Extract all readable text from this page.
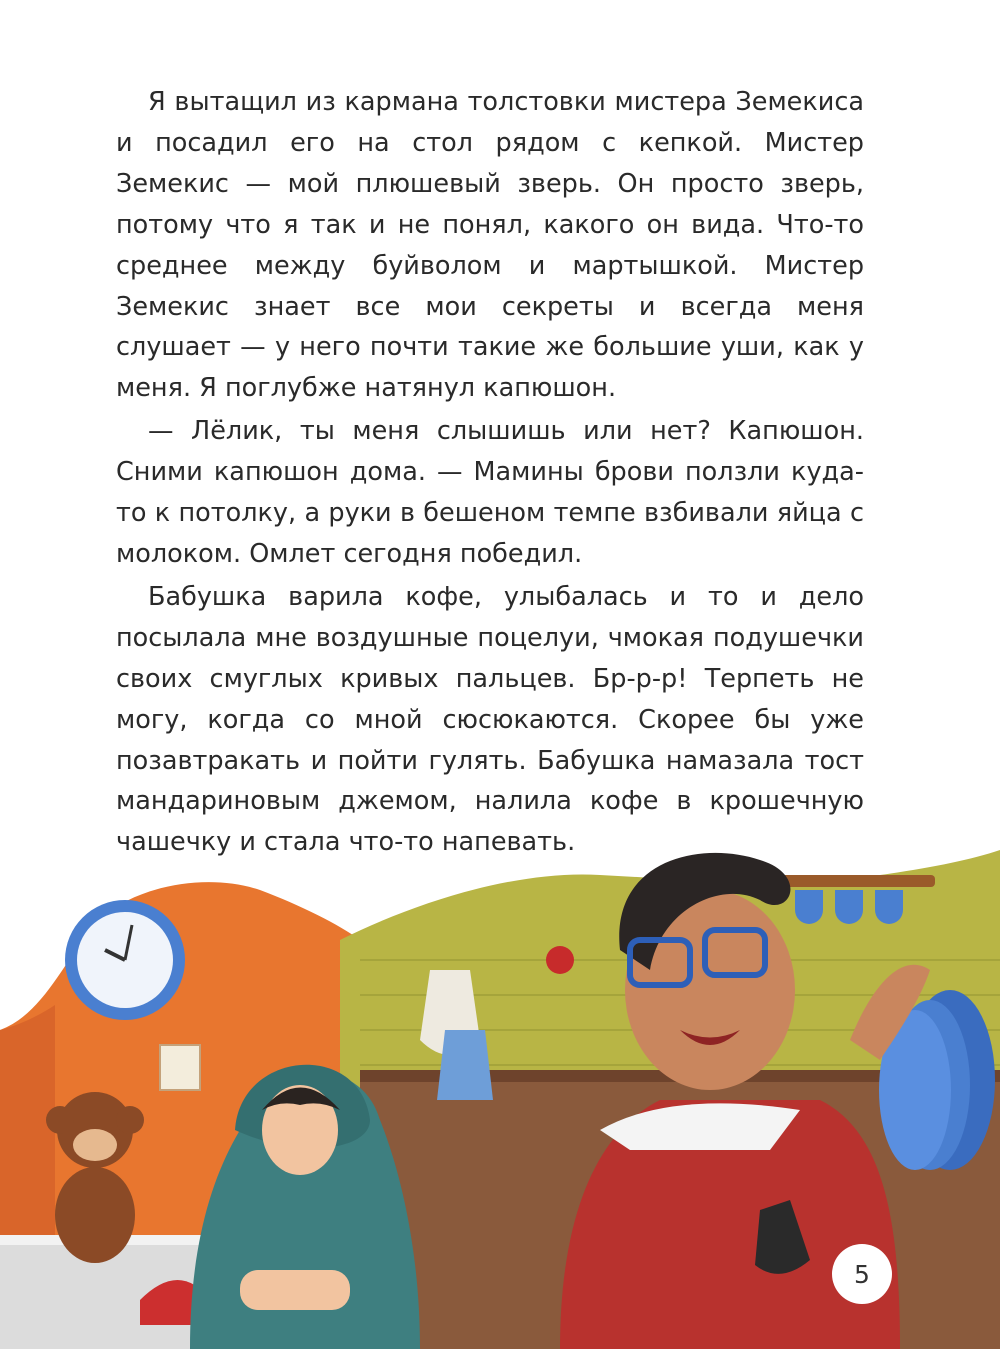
Я вытащил из кармана толстовки мистера Земекиса и посадил его на стол рядом с кепкой. Мистер Земекис — мой плюшевый зверь. Он просто зверь, потому что я так и не понял, какого он вида. Что-то среднее между буйволом и мартышкой. Мистер Земекис знает все мои секреты и всегда меня слушает — у него почти такие же большие уши, как у меня. Я поглубже натянул капюшон.

— Лёлик, ты меня слышишь или нет? Капюшон. Сними капюшон дома. — Мамины брови ползли куда-то к потолку, а руки в бешеном темпе взбивали яйца с молоком. Омлет сегодня победил.

Бабушка варила кофе, улыбалась и то и дело посылала мне воздушные поцелуи, чмокая подушечки своих смуглых кривых пальцев. Бр-р-р! Терпеть не могу, когда со мной сюсюкаются. Скорее бы уже позавтракать и пойти гулять. Бабушка намазала тост мандариновым джемом, налила кофе в крошечную чашечку и стала что-то напевать.

5
